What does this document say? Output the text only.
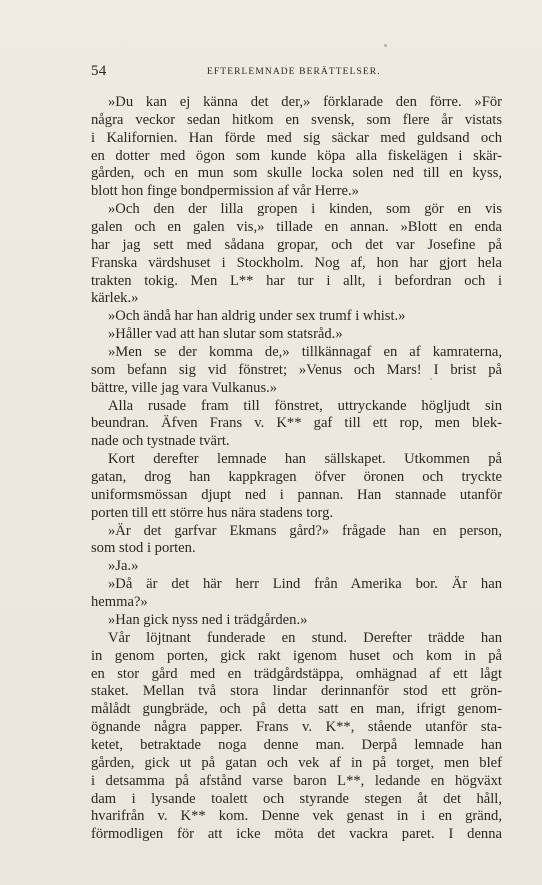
54	EFTERLEMNADE BERÄTTELSER.
»Du kan ej känna det der,» förklarade den förre. »För
några veckor sedan hitkom en svensk, som flere år vistats
i Kalifornien. Han förde med sig säckar med guldsand och
en dotter med ögon som kunde köpa alla fiskelägen i skär-
gården, och en mun som skulle locka solen ned till en kyss,
blott hon finge bondpermission af vår Herre.»
»Och den der lilla gropen i kinden, som gör en vis
galen och en galen vis,» tillade en annan. »Blott en enda
har jag sett med sådana gropar, och det var Josefine på
Franska värdshuset i Stockholm. Nog af, hon har gjort hela
trakten tokig. Men L** har tur i allt, i befordran och i
kärlek.»
»Och ändå har han aldrig under sex trumf i whist.»
»Håller vad att han slutar som statsråd.»
»Men se der komma de,» tillkännagaf en af kamraterna,
som befann sig vid fönstret; »Venus och Mars! I brist på
bättre, ville jag vara Vulkanus.»
Alla rusade fram till fönstret, uttryckande högljudt sin
beundran. Äfven Frans v. K** gaf till ett rop, men blek-
nade och tystnade tvärt.
Kort derefter lemnade han sällskapet. Utkommen på
gatan, drog han kappkragen öfver öronen och tryckte
uniformsmössan djupt ned i pannan. Han stannade utanför
porten till ett större hus nära stadens torg.
»Är det garfvar Ekmans gård?» frågade han en person,
som stod i porten.
»Ja.»
»Då är det här herr Lind från Amerika bor. Är han
hemma?»
»Han gick nyss ned i trädgården.»
Vår löjtnant funderade en stund. Derefter trädde han
in genom porten, gick rakt igenom huset och kom in på
en stor gård med en trädgårdstäppa, omhägnad af ett lågt
staket. Mellan två stora lindar derinnanför stod ett grön-
målådt gungbräde, och på detta satt en man, ifrigt genom-
ögnande några papper. Frans v. K**, stående utanför sta-
ketet, betraktade noga denne man. Derpå lemnade han
gården, gick ut på gatan och vek af in på torget, men blef
i detsamma på afstånd varse baron L**, ledande en högväxt
dam i lysande toalett och styrande stegen åt det håll,
hvarifrån v. K** kom. Denne vek genast in i en gränd,
förmodligen för att icke möta det vackra paret. I denna
